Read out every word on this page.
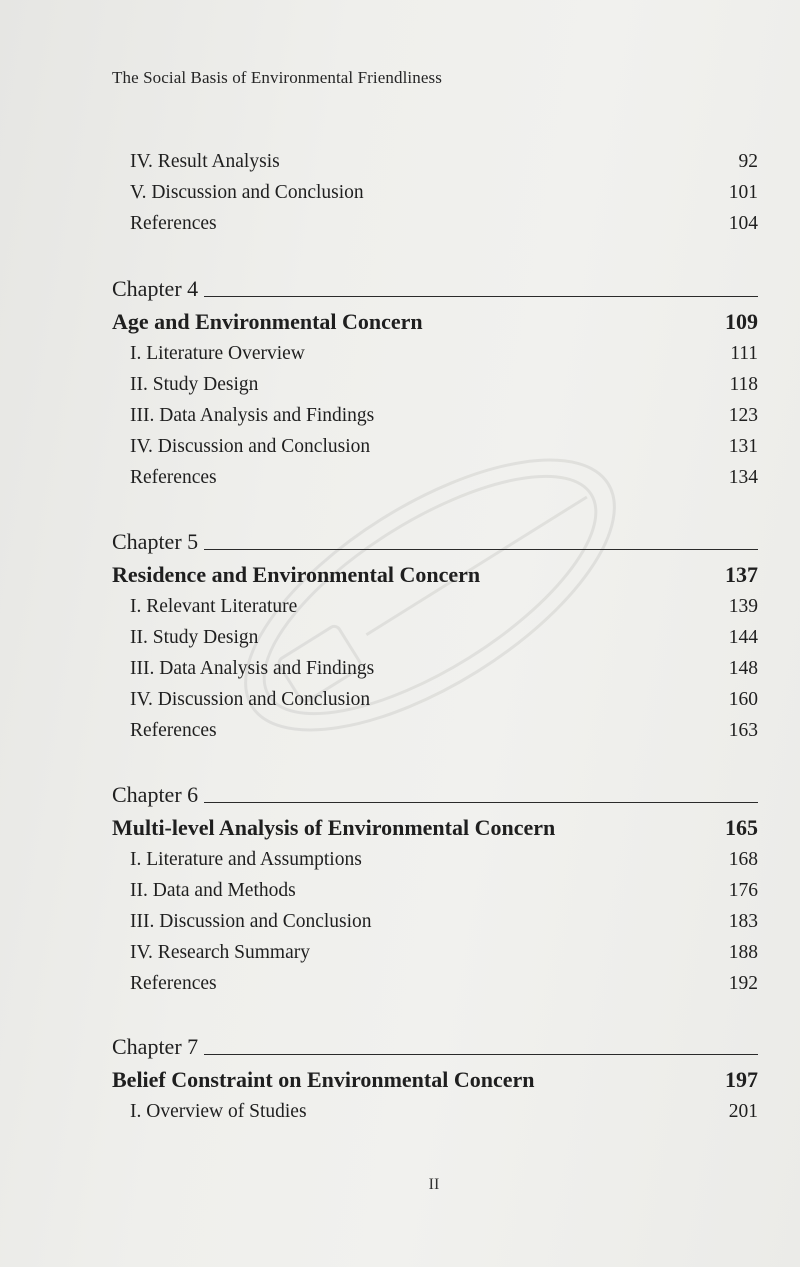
The Social Basis of Environmental Friendliness
IV. Result Analysis	92
V. Discussion and Conclusion	101
References	104
Chapter 4
Age and Environmental Concern	109
I. Literature Overview	111
II. Study Design	118
III. Data Analysis and Findings	123
IV. Discussion and Conclusion	131
References	134
Chapter 5
Residence and Environmental Concern	137
I. Relevant Literature	139
II. Study Design	144
III. Data Analysis and Findings	148
IV. Discussion and Conclusion	160
References	163
Chapter 6
Multi-level Analysis of Environmental Concern	165
I. Literature and Assumptions	168
II. Data and Methods	176
III. Discussion and Conclusion	183
IV. Research Summary	188
References	192
Chapter 7
Belief Constraint on Environmental Concern	197
I. Overview of Studies	201
II
